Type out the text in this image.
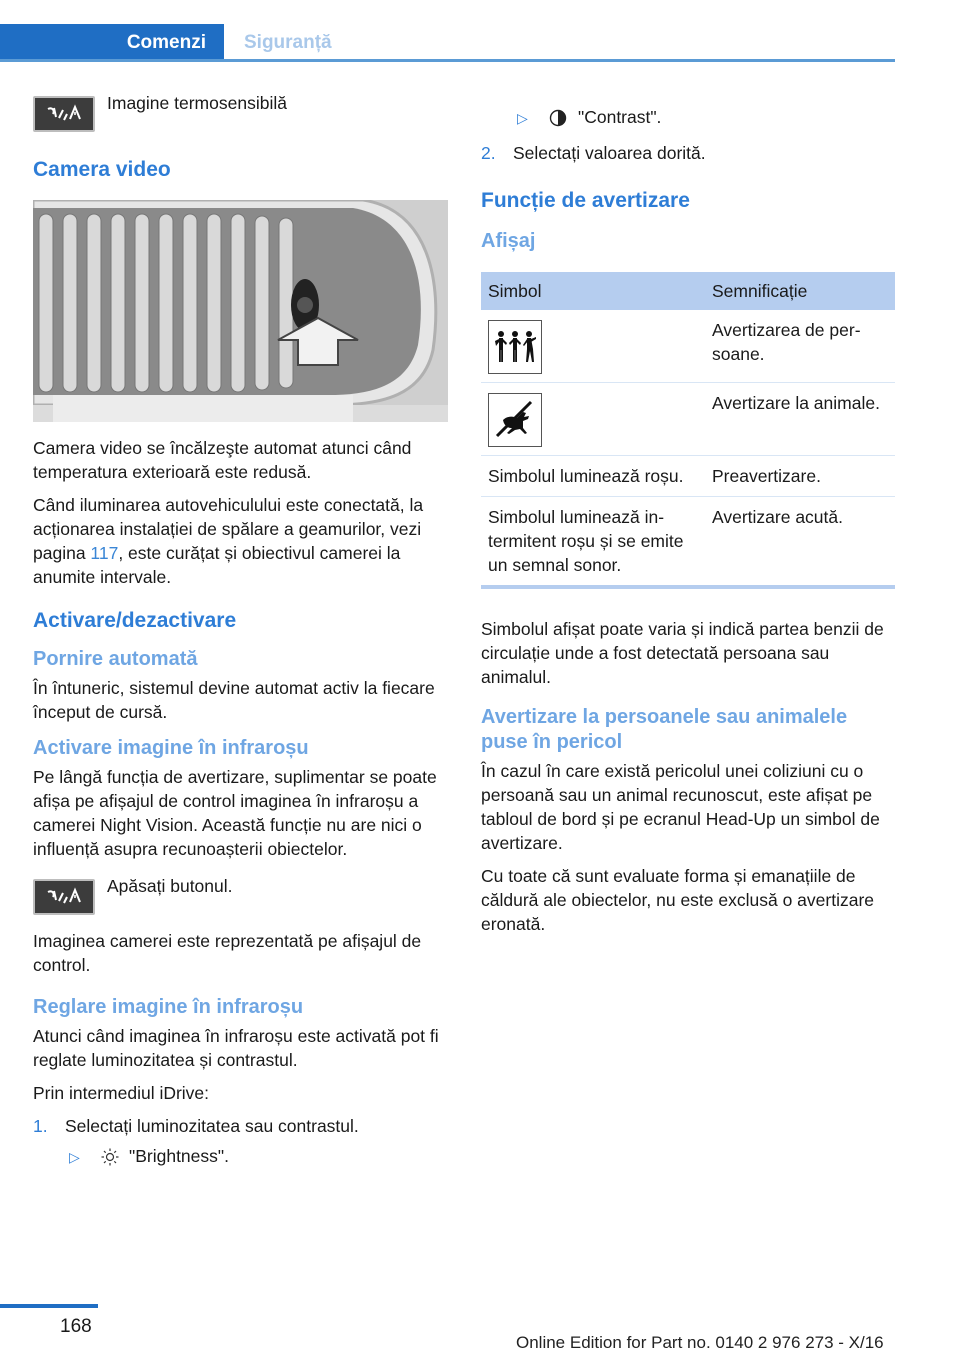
Comenzi	Siguranță
Imagine termosensibilă
Camera video

Camera video se încălzeşte automat atunci când temperatura exterioară este redusă.

Când iluminarea autovehiculului este conectată, la acționarea instalației de spălare a geamurilor, vezi pagina 117, este curățat și obiectivul camerei la anumite intervale.

Activare/dezactivare
Pornire automată

În întuneric, sistemul devine automat activ la fiecare început de cursă.

Activare imagine în infraroșu

Pe lângă funcția de avertizare, suplimentar se poate afișa pe afișajul de control imaginea în infraroșu a camerei Night Vision. Această funcție nu are nici o influență asupra recunoașterii obiectelor.

Apăsați butonul.

Imaginea camerei este reprezentată pe afișajul de control.

Reglare imagine în infraroșu

Atunci când imaginea în infraroșu este activată pot fi reglate luminozitatea și contrastul.

Prin intermediul iDrive:

1. Selectați luminozitatea sau contrastul.
▷	"Brightness".
▷	"Contrast".
2. Selectați valoarea dorită.
Funcție de avertizare
Afișaj
Simbol	Semnificație

	Avertizarea de persoane.

	Avertizare la animale.
Simbolul luminează roșu.	Preavertizare.
Simbolul luminează intermitent roșu și se emite un semnal sonor.	Avertizare acută.

Simbolul afișat poate varia și indică partea benzii de circulație unde a fost detectată persoana sau animalul.

Avertizare la persoanele sau animalele puse în pericol

În cazul în care există pericolul unei coliziuni cu o persoană sau un animal recunoscut, este afișat pe tabloul de bord și pe ecranul Head-Up un simbol de avertizare.

Cu toate că sunt evaluate forma și emanațiile de căldură ale obiectelor, nu este exclusă o avertizare eronată.

168
Online Edition for Part no. 0140 2 976 273 - X/16
